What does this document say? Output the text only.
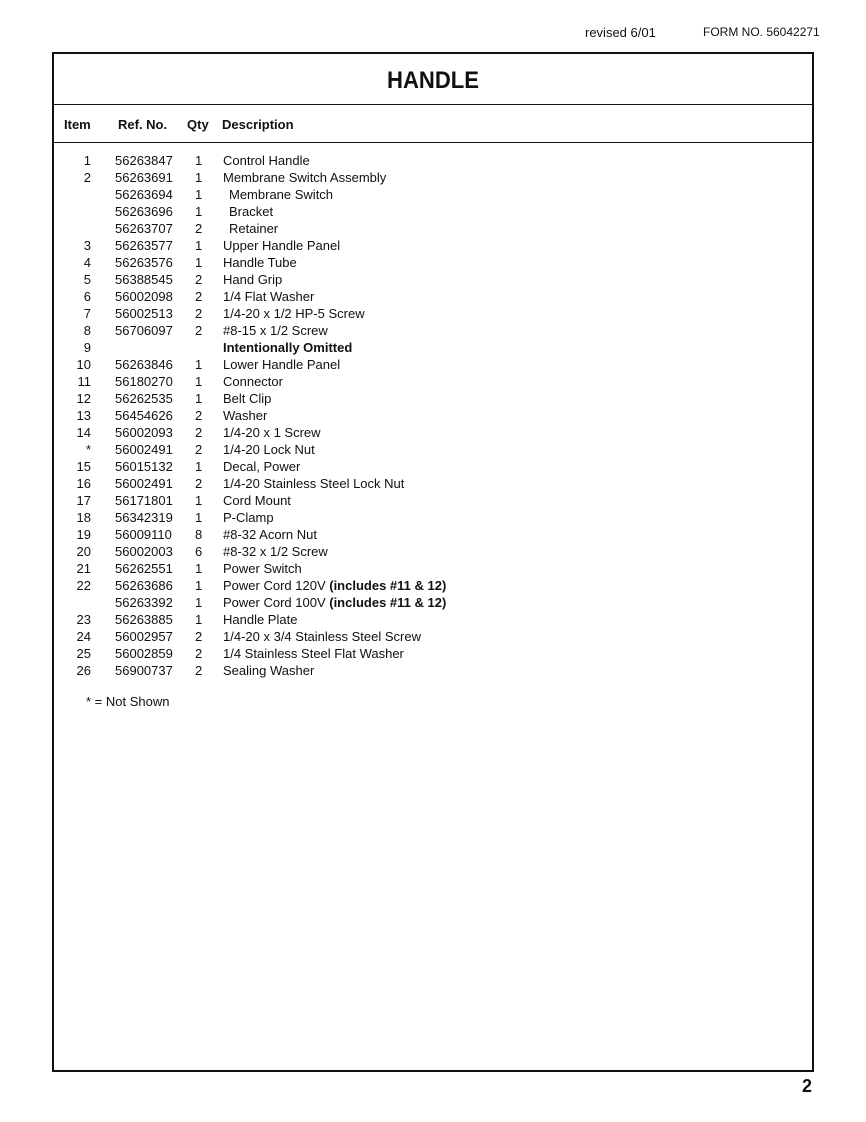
revised 6/01	FORM NO. 56042271
HANDLE
Item Ref. No. Qty Description
1 56263847 1 Control Handle
2 56263691 1 Membrane Switch Assembly
56263694 1 Membrane Switch
56263696 1 Bracket
56263707 2 Retainer
3 56263577 1 Upper Handle Panel
4 56263576 1 Handle Tube
5 56388545 2 Hand Grip
6 56002098 2 1/4 Flat Washer
7 56002513 2 1/4-20 x 1/2 HP-5 Screw
8 56706097 2 #8-15 x 1/2 Screw
9	Intentionally Omitted
10 56263846 1 Lower Handle Panel
11 56180270 1 Connector
12 56262535 1 Belt Clip
13 56454626 2 Washer
14 56002093 2 1/4-20 x 1 Screw
* 56002491 2 1/4-20 Lock Nut
15 56015132 1 Decal, Power
16 56002491 2 1/4-20 Stainless Steel Lock Nut
17 56171801 1 Cord Mount
18 56342319 1 P-Clamp
19 56009110 8 #8-32 Acorn Nut
20 56002003 6 #8-32 x 1/2 Screw
21 56262551 1 Power Switch
22 56263686 1 Power Cord 120V (includes #11 & 12)
56263392 1 Power Cord 100V (includes #11 & 12)
23 56263885 1 Handle Plate
24 56002957 2 1/4-20 x 3/4 Stainless Steel Screw
25 56002859 2 1/4 Stainless Steel Flat Washer
26 56900737 2 Sealing Washer
* = Not Shown
2
